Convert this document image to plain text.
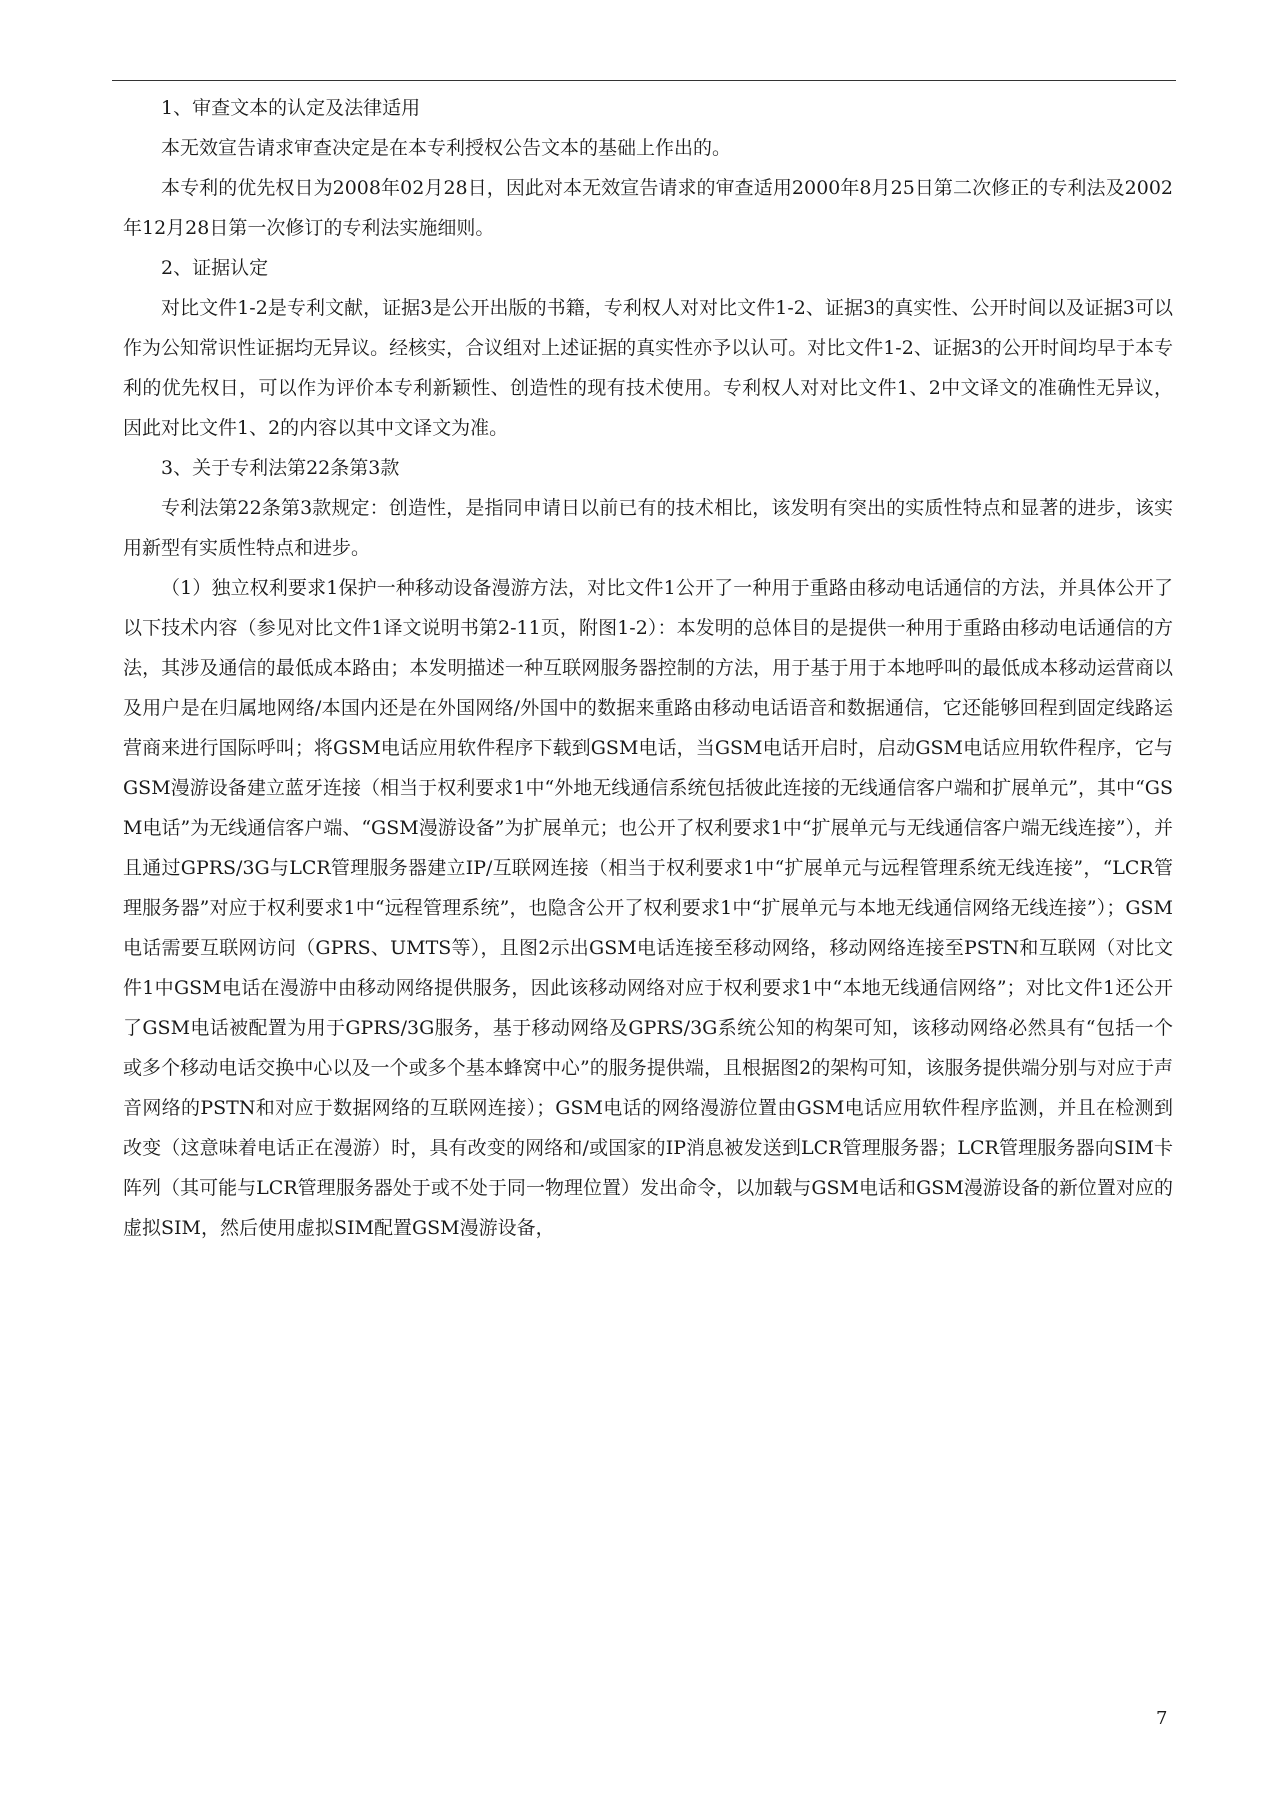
1、审查文本的认定及法律适用

本无效宣告请求审查决定是在本专利授权公告文本的基础上作出的。

本专利的优先权日为2008年02月28日，因此对本无效宣告请求的审查适用2000年8月25日第二次修正的专利法及2002年12月28日第一次修订的专利法实施细则。

2、证据认定

对比文件1-2是专利文献，证据3是公开出版的书籍，专利权人对对比文件1-2、证据3的真实性、公开时间以及证据3可以作为公知常识性证据均无异议。经核实，合议组对上述证据的真实性亦予以认可。对比文件1-2、证据3的公开时间均早于本专利的优先权日，可以作为评价本专利新颖性、创造性的现有技术使用。专利权人对对比文件1、2中文译文的准确性无异议，因此对比文件1、2的内容以其中文译文为准。

3、关于专利法第22条第3款

专利法第22条第3款规定：创造性，是指同申请日以前已有的技术相比，该发明有突出的实质性特点和显著的进步，该实用新型有实质性特点和进步。

（1）独立权利要求1保护一种移动设备漫游方法，对比文件1公开了一种用于重路由移动电话通信的方法，并具体公开了以下技术内容（参见对比文件1译文说明书第2-11页，附图1-2）：本发明的总体目的是提供一种用于重路由移动电话通信的方法，其涉及通信的最低成本路由；本发明描述一种互联网服务器控制的方法，用于基于用于本地呼叫的最低成本移动运营商以及用户是在归属地网络/本国内还是在外国网络/外国中的数据来重路由移动电话语音和数据通信，它还能够回程到固定线路运营商来进行国际呼叫；将GSM电话应用软件程序下载到GSM电话，当GSM电话开启时，启动GSM电话应用软件程序，它与GSM漫游设备建立蓝牙连接（相当于权利要求1中“外地无线通信系统包括彼此连接的无线通信客户端和扩展单元”，其中“GSM电话”为无线通信客户端、“GSM漫游设备”为扩展单元；也公开了权利要求1中“扩展单元与无线通信客户端无线连接”），并且通过GPRS/3G与LCR管理服务器建立IP/互联网连接（相当于权利要求1中“扩展单元与远程管理系统无线连接”，“LCR管理服务器”对应于权利要求1中“远程管理系统”，也隐含公开了权利要求1中“扩展单元与本地无线通信网络无线连接”）；GSM电话需要互联网访问（GPRS、UMTS等），且图2示出GSM电话连接至移动网络，移动网络连接至PSTN和互联网（对比文件1中GSM电话在漫游中由移动网络提供服务，因此该移动网络对应于权利要求1中“本地无线通信网络”；对比文件1还公开了GSM电话被配置为用于GPRS/3G服务，基于移动网络及GPRS/3G系统公知的构架可知，该移动网络必然具有“包括一个或多个移动电话交换中心以及一个或多个基本蜂窝中心”的服务提供端，且根据图2的架构可知，该服务提供端分别与对应于声音网络的PSTN和对应于数据网络的互联网连接）；GSM电话的网络漫游位置由GSM电话应用软件程序监测，并且在检测到改变（这意味着电话正在漫游）时，具有改变的网络和/或国家的IP消息被发送到LCR管理服务器；LCR管理服务器向SIM卡阵列（其可能与LCR管理服务器处于或不处于同一物理位置）发出命令，以加载与GSM电话和GSM漫游设备的新位置对应的虚拟SIM，然后使用虚拟SIM配置GSM漫游设备，

7
